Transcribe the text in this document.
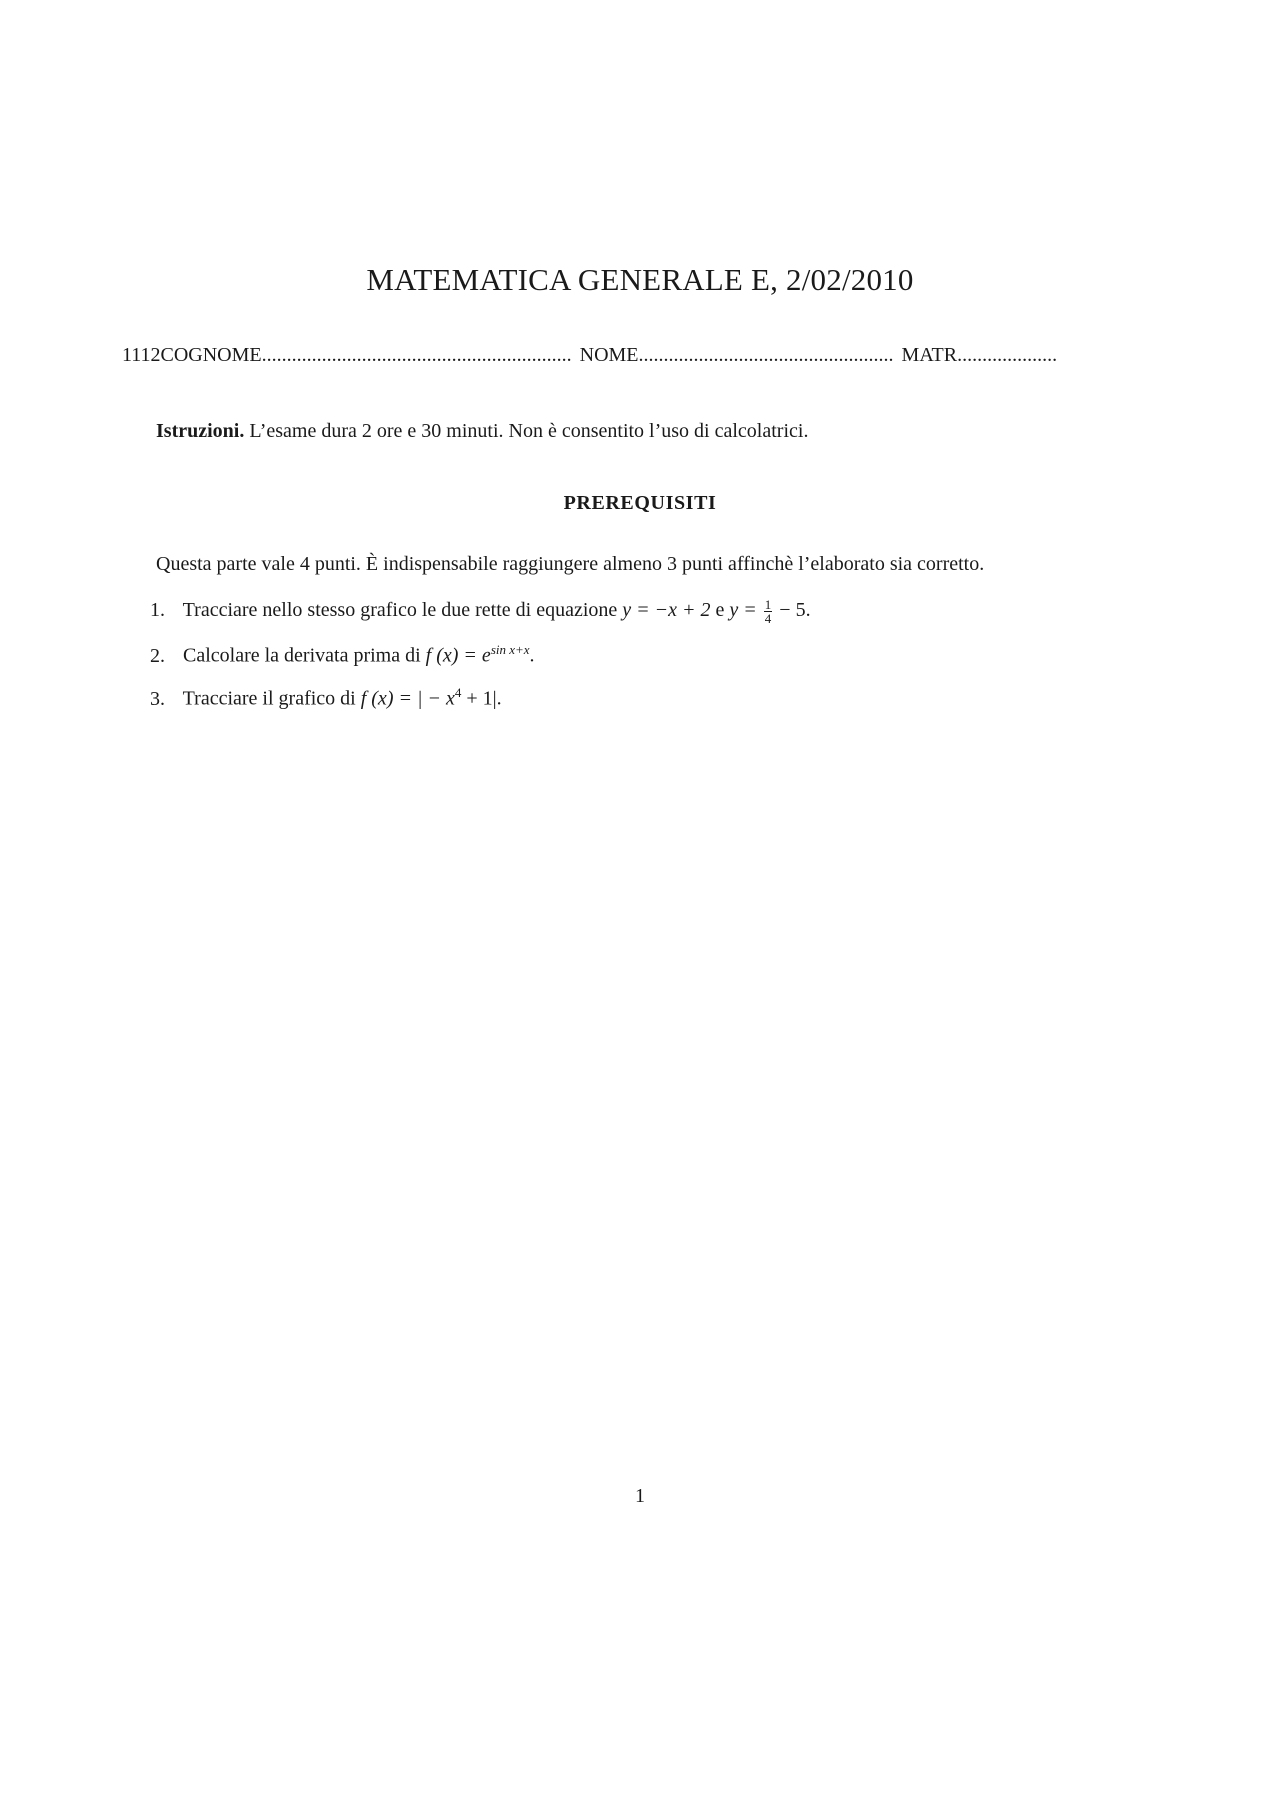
MATEMATICA GENERALE E, 2/02/2010
1112COGNOME.............................................................. NOME................................................... MATR....................
Istruzioni. L’esame dura 2 ore e 30 minuti. Non è consentito l’uso di calcolatrici.
PREREQUISITI
Questa parte vale 4 punti. È indispensabile raggiungere almeno 3 punti affinchè l’elaborato sia corretto.
1. Tracciare nello stesso grafico le due rette di equazione y = −x + 2 e $y = \frac{1}{4} - 5$.
2. Calcolare la derivata prima di f $(x) = e^{sin x+x}$.
3. Tracciare il grafico di f (x) = | − $x^4 + 1|$.
1
